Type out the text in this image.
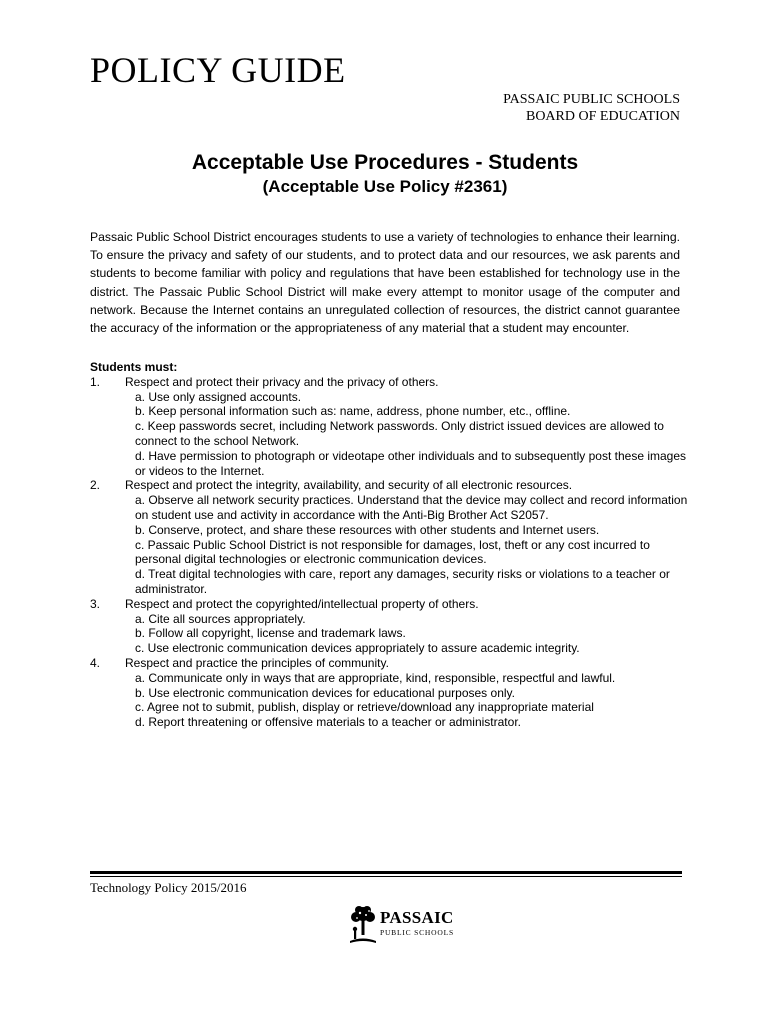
POLICY GUIDE
PASSAIC PUBLIC SCHOOLS
BOARD OF EDUCATION
Acceptable Use Procedures - Students
(Acceptable Use Policy #2361)

Passaic Public School District encourages students to use a variety of technologies to enhance their learning. To ensure the privacy and safety of our students, and to protect data and our resources, we ask parents and students to become familiar with policy and regulations that have been established for technology use in the district. The Passaic Public School District will make every attempt to monitor usage of the computer and network. Because the Internet contains an unregulated collection of resources, the district cannot guarantee the accuracy of the information or the appropriateness of any material that a student may encounter.

Students must:
1. Respect and protect their privacy and the privacy of others.
a. Use only assigned accounts.
b. Keep personal information such as: name, address, phone number, etc., offline.
c. Keep passwords secret, including Network passwords. Only district issued devices are allowed to connect to the school Network.
d. Have permission to photograph or videotape other individuals and to subsequently post these images or videos to the Internet.
2. Respect and protect the integrity, availability, and security of all electronic resources.
a. Observe all network security practices. Understand that the device may collect and record information on student use and activity in accordance with the Anti-Big Brother Act S2057.
b. Conserve, protect, and share these resources with other students and Internet users.
c. Passaic Public School District is not responsible for damages, lost, theft or any cost incurred to personal digital technologies or electronic communication devices.
d. Treat digital technologies with care, report any damages, security risks or violations to a teacher or administrator.
3. Respect and protect the copyrighted/intellectual property of others.
a. Cite all sources appropriately.
b. Follow all copyright, license and trademark laws.
c. Use electronic communication devices appropriately to assure academic integrity.
4. Respect and practice the principles of community.
a. Communicate only in ways that are appropriate, kind, responsible, respectful and lawful.
b. Use electronic communication devices for educational purposes only.
c. Agree not to submit, publish, display or retrieve/download any inappropriate material
d. Report threatening or offensive materials to a teacher or administrator.
Technology Policy 2015/2016
PASSAIC
PUBLIC SCHOOLS
